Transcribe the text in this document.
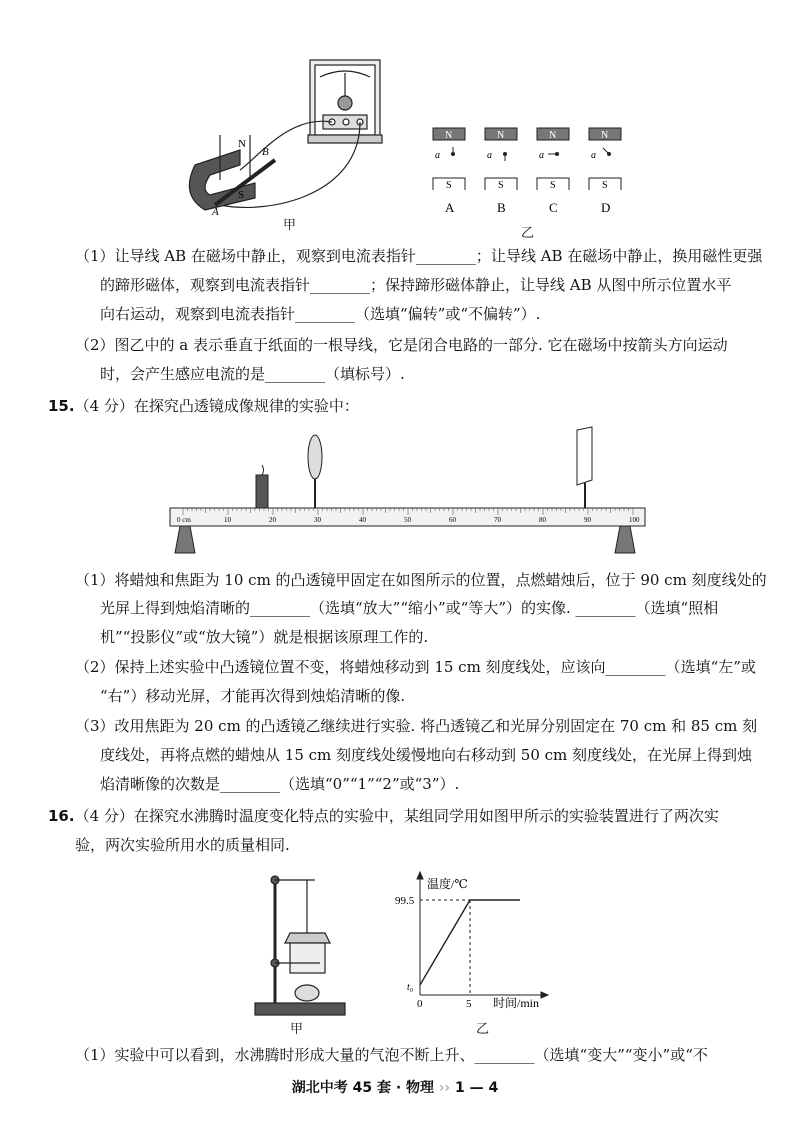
N
S
A
B
甲
N
S
a
A
N
S
a
B
N
S
a
C
N
S
a
D
乙
（1）让导线 AB 在磁场中静止，观察到电流表指针________；让导线 AB 在磁场中静止，换用磁性更强
的蹄形磁体，观察到电流表指针________；保持蹄形磁体静止，让导线 AB 从图中所示位置水平
向右运动，观察到电流表指针________（选填“偏转”或“不偏转”）.
（2）图乙中的 a 表示垂直于纸面的一根导线，它是闭合电路的一部分. 它在磁场中按箭头方向运动
时，会产生感应电流的是________（填标号）.
15.（4 分）在探究凸透镜成像规律的实验中：
10	20	30	40	50	60	70	80	90	100
0 cm
（1）将蜡烛和焦距为 10 cm 的凸透镜甲固定在如图所示的位置，点燃蜡烛后，位于 90 cm 刻度线处的
光屏上得到烛焰清晰的________（选填“放大”“缩小”或“等大”）的实像. ________（选填“照相
机”“投影仪”或“放大镜”）就是根据该原理工作的.
（2）保持上述实验中凸透镜位置不变，将蜡烛移动到 15 cm 刻度线处，应该向________（选填“左”或
“右”）移动光屏，才能再次得到烛焰清晰的像.
（3）改用焦距为 20 cm 的凸透镜乙继续进行实验. 将凸透镜乙和光屏分别固定在 70 cm 和 85 cm 刻
度线处，再将点燃的蜡烛从 15 cm 刻度线处缓慢地向右移动到 50 cm 刻度线处，在光屏上得到烛
焰清晰像的次数是________（选填“0”“1”“2”或“3”）.
16.（4 分）在探究水沸腾时温度变化特点的实验中，某组同学用如图甲所示的实验装置进行了两次实
验，两次实验所用水的质量相同.
甲
温度/℃
99.5
t₀
0	5 时间/min
乙
（1）实验中可以看到，水沸腾时形成大量的气泡不断上升、________（选填“变大”“变小”或“不
湖北中考 45 套 · 物理 ›› 1 — 4
